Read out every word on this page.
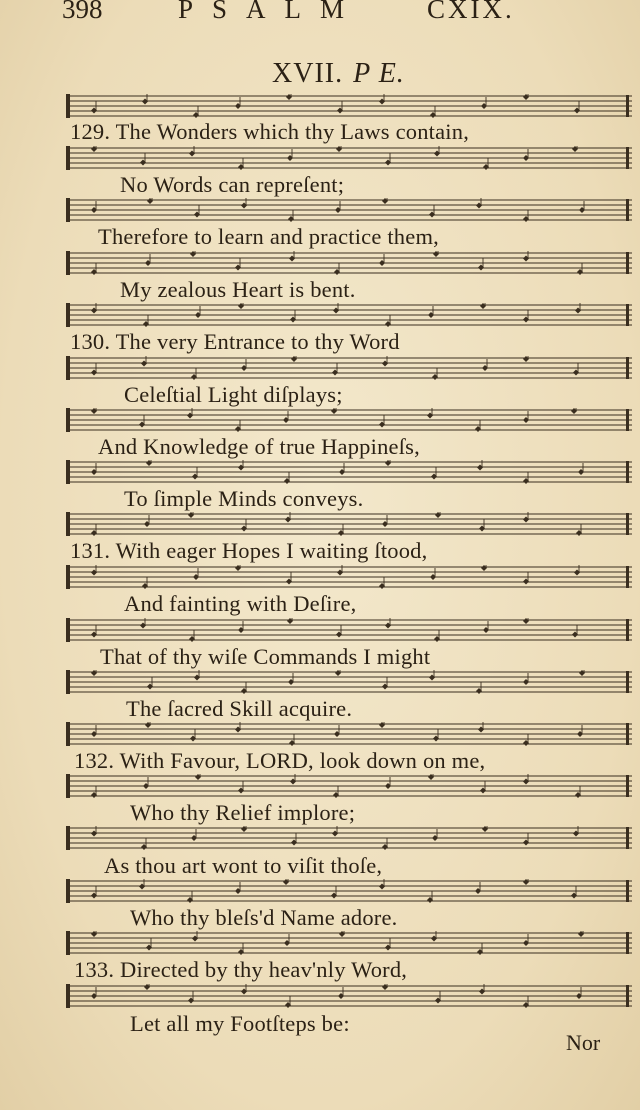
398	PSALM CXIX.
XVII. P E.
129. The Wonders which thy Laws contain,
No Words can repreſent;
Therefore to learn and practice them,
My zealous Heart is bent.
130. The very Entrance to thy Word
Celeſtial Light diſplays;
And Knowledge of true Happineſs,
To ſimple Minds conveys.
131. With eager Hopes I waiting ſtood,
And fainting with Deſire,
That of thy wiſe Commands I might
The ſacred Skill acquire.
132. With Favour, LORD, look down on me,
Who thy Relief implore;
As thou art wont to viſit thoſe,
Who thy bleſs'd Name adore.
133. Directed by thy heav'nly Word,
Let all my Footſteps be:
Nor
